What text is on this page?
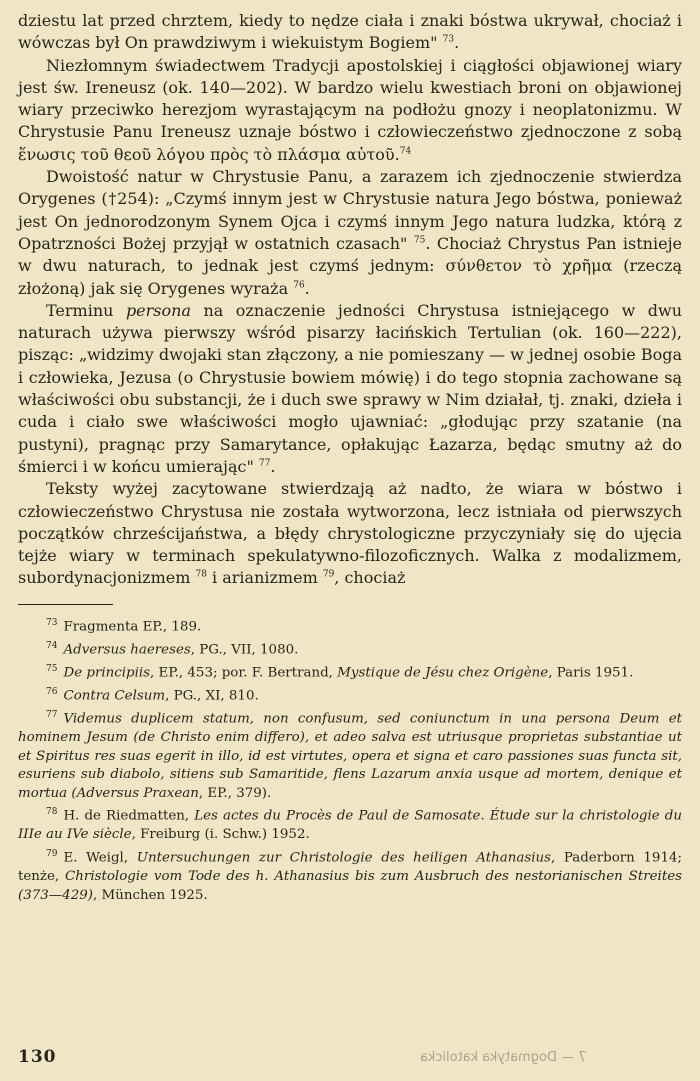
dziestu lat przed chrztem, kiedy to nędze ciała i znaki bóstwa ukrywał, chociaż i wówczas był On prawdziwym i wiekuistym Bogiem" $^{73}$.

Niezłomnym świadectwem Tradycji apostolskiej i ciągłości objawionej wiary jest św. Ireneusz (ok. 140—202). W bardzo wielu kwestiach broni on objawionej wiary przeciwko herezjom wyrastającym na podłożu gnozy i neoplatonizmu. W Chrystusie Panu Ireneusz uznaje bóstwo i człowieczeństwo zjednoczone z sobą ἕνωσις τοῦ θεοῦ λόγου πρὸς τὸ πλάσμα αὐτοῦ.$^{74}$

Dwoistość natur w Chrystusie Panu, a zarazem ich zjednoczenie stwierdza Orygenes (†254): „Czymś innym jest w Chrystusie natura Jego bóstwa, ponieważ jest On jednorodzonym Synem Ojca i czymś innym Jego natura ludzka, którą z Opatrzności Bożej przyjął w ostatnich czasach" $^{75}$. Chociaż Chrystus Pan istnieje w dwu naturach, to jednak jest czymś jednym: σύνθετον τὸ χρῆμα (rzeczą złożoną) jak się Orygenes wyraża $^{76}$.

Terminu persona na oznaczenie jedności Chrystusa istniejącego w dwu naturach używa pierwszy wśród pisarzy łacińskich Tertulian (ok. 160—222), pisząc: „widzimy dwojaki stan złączony, a nie pomieszany — w jednej osobie Boga i człowieka, Jezusa (o Chrystusie bowiem mówię) i do tego stopnia zachowane są właściwości obu substancji, że i duch swe sprawy w Nim działał, tj. znaki, dzieła i cuda i ciało swe właściwości mogło ujawniać: „głodując przy szatanie (na pustyni), pragnąc przy Samarytance, opłakując Łazarza, będąc smutny aż do śmierci i w końcu umierając" $^{77}$.

Teksty wyżej zacytowane stwierdzają aż nadto, że wiara w bóstwo i człowieczeństwo Chrystusa nie została wytworzona, lecz istniała od pierwszych początków chrześcijaństwa, a błędy chrystologiczne przyczyniały się do ujęcia tejże wiary w terminach spekulatywno-filozoficznych. Walka z modalizmem, subordynacjonizmem $^{78}$ i arianizmem $^{79}$, chociaż

$^{73}$ Fragmenta EP., 189.

$^{74}$ Adversus haereses, PG., VII, 1080.

$^{75}$ De principiis, EP., 453; por. F. Bertrand, Mystique de Jésu chez Origène, Paris 1951.

$^{76}$ Contra Celsum, PG., XI, 810.

$^{77}$ Videmus duplicem statum, non confusum, sed coniunctum in una persona Deum et hominem Jesum (de Christo enim differo), et adeo salva est utriusque proprietas substantiae ut et Spiritus res suas egerit in illo, id est virtutes, opera et signa et caro passiones suas functa sit, esuriens sub diabolo, sitiens sub Samaritide, flens Lazarum anxia usque ad mortem, denique et mortua (Adversus Praxean, EP., 379).

$^{78}$ H. de Riedmatten, Les actes du Procès de Paul de Samosate. Étude sur la christologie du IIIe au IVe siècle, Freiburg (i. Schw.) 1952.

$^{79}$ E. Weigl, Untersuchungen zur Christologie des heiligen Athanasius, Paderborn 1914; tenże, Christologie vom Tode des h. Athanasius bis zum Ausbruch des nestorianischen Streites (373—429), München 1925.

130	7 — Dogmatyka katolicka
